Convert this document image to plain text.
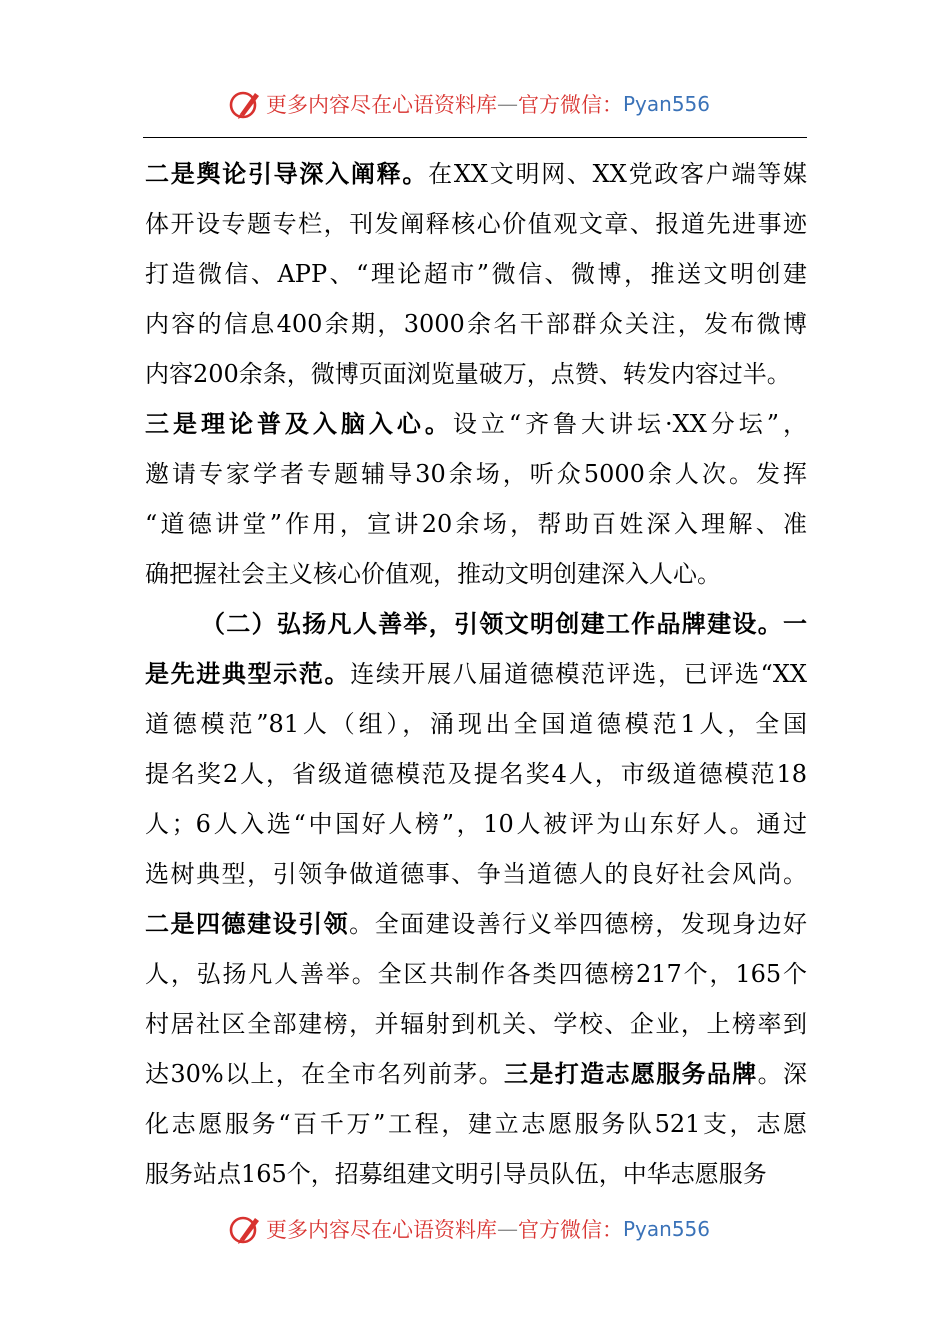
更多内容尽在心语资料库 — 官方微信： Pyan556
二是舆论引导深入阐释。在XX文明网、XX党政客户端等媒
体开设专题专栏，刊发阐释核心价值观文章、报道先进事迹
打造微信、APP、“理论超市”微信、微博，推送文明创建
内容的信息400余期，3000余名干部群众关注，发布微博
内容200余条，微博页面浏览量破万，点赞、转发内容过半。
三是理论普及入脑入心。设立“齐鲁大讲坛·XX分坛”，
邀请专家学者专题辅导30余场，听众5000余人次。发挥
“道德讲堂”作用，宣讲20余场，帮助百姓深入理解、准
确把握社会主义核心价值观，推动文明创建深入人心。
（二）弘扬凡人善举，引领文明创建工作品牌建设。一
是先进典型示范。连续开展八届道德模范评选，已评选“XX
道德模范”81人（组），涌现出全国道德模范1人，全国
提名奖2人，省级道德模范及提名奖4人，市级道德模范18
人；6人入选“中国好人榜”，10人被评为山东好人。通过
选树典型，引领争做道德事、争当道德人的良好社会风尚。
二是四德建设引领。全面建设善行义举四德榜，发现身边好
人，弘扬凡人善举。全区共制作各类四德榜217个，165个
村居社区全部建榜，并辐射到机关、学校、企业，上榜率到
达30%以上，在全市名列前茅。三是打造志愿服务品牌。深
化志愿服务“百千万”工程，建立志愿服务队521支，志愿
服务站点165个，招募组建文明引导员队伍，中华志愿服务
更多内容尽在心语资料库 — 官方微信： Pyan556
